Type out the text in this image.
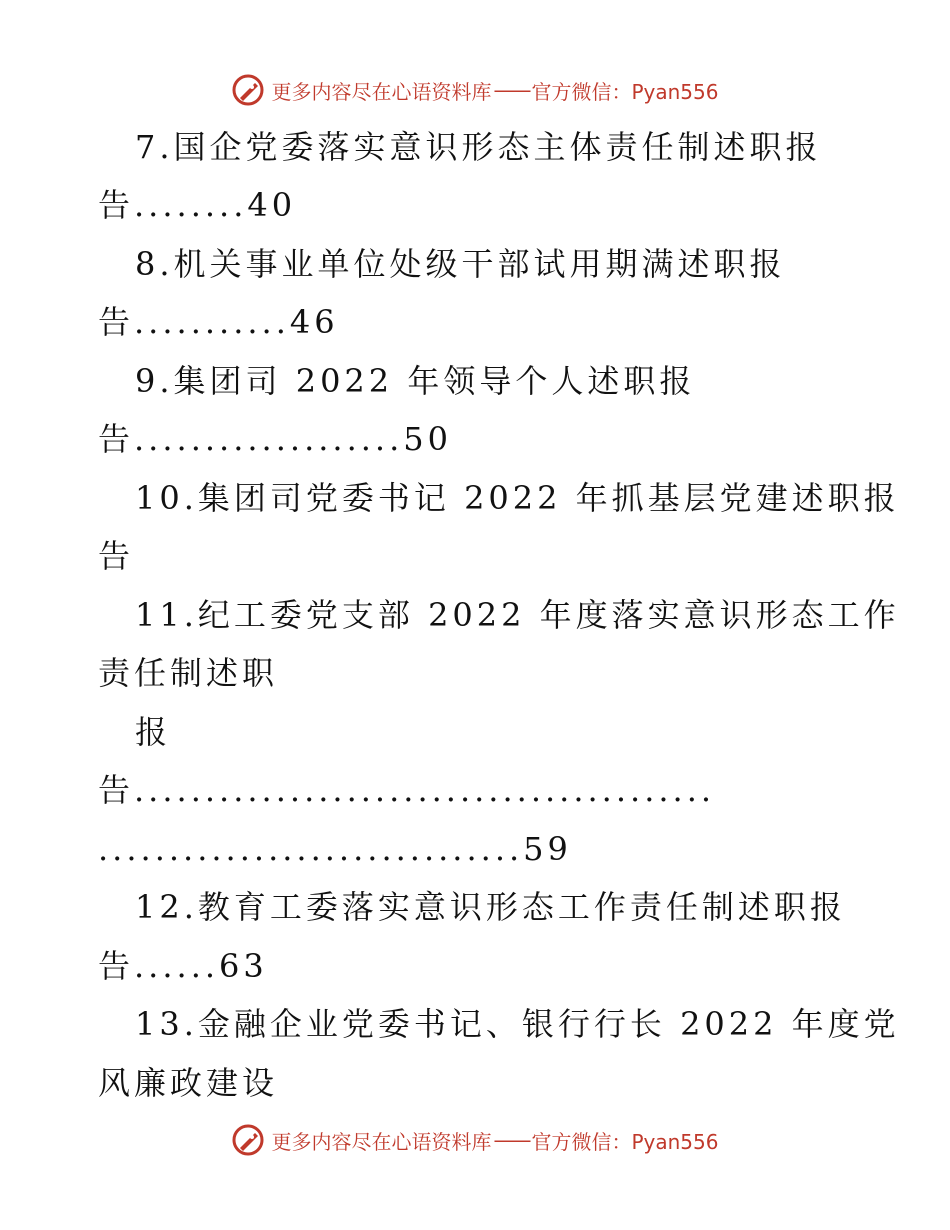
更多内容尽在心语资料库 —— 官方微信：Pyan556
7.国企党委落实意识形态主体责任制述职报
告........40
8.机关事业单位处级干部试用期满述职报
告...........46
9.集团司 2022 年领导个人述职报
告...................50
10.集团司党委书记 2022 年抓基层党建述职报
告
11.纪工委党支部 2022 年度落实意识形态工作
责任制述职
报
告.........................................
..............................59
12.教育工委落实意识形态工作责任制述职报
告......63
13.金融企业党委书记、银行行长 2022 年度党
风廉政建设
更多内容尽在心语资料库 —— 官方微信：Pyan556
